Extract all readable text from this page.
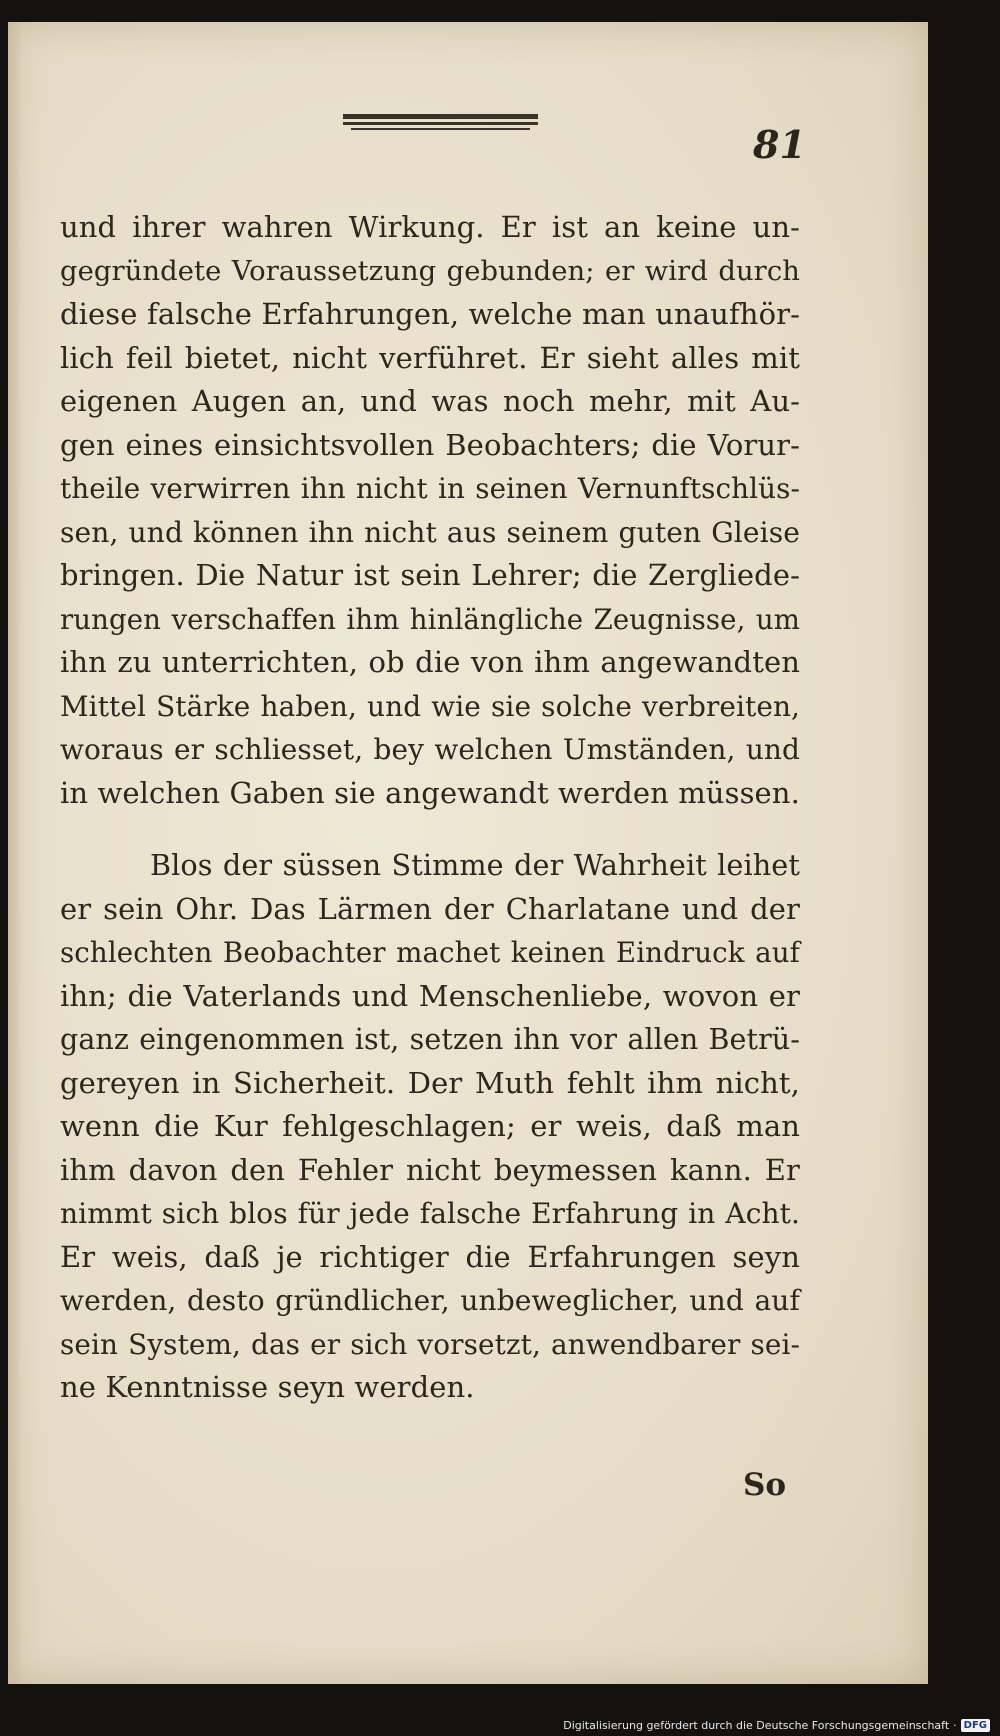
81
und ihrer wahren Wirkung. Er ist an keine un-
gegründete Voraussetzung gebunden; er wird durch
diese falsche Erfahrungen, welche man unaufhör-
lich feil bietet, nicht verführet. Er sieht alles mit
eigenen Augen an, und was noch mehr, mit Au-
gen eines einsichtsvollen Beobachters; die Vorur-
theile verwirren ihn nicht in seinen Vernunftschlüs-
sen, und können ihn nicht aus seinem guten Gleise
bringen. Die Natur ist sein Lehrer; die Zergliede-
rungen verschaffen ihm hinlängliche Zeugnisse, um
ihn zu unterrichten, ob die von ihm angewandten
Mittel Stärke haben, und wie sie solche verbreiten,
woraus er schliesset, bey welchen Umständen, und
in welchen Gaben sie angewandt werden müssen.
Blos der süssen Stimme der Wahrheit leihet
er sein Ohr. Das Lärmen der Charlatane und der
schlechten Beobachter machet keinen Eindruck auf
ihn; die Vaterlands und Menschenliebe, wovon er
ganz eingenommen ist, setzen ihn vor allen Betrü-
gereyen in Sicherheit. Der Muth fehlt ihm nicht,
wenn die Kur fehlgeschlagen; er weis, daß man
ihm davon den Fehler nicht beymessen kann. Er
nimmt sich blos für jede falsche Erfahrung in Acht.
Er weis, daß je richtiger die Erfahrungen seyn
werden, desto gründlicher, unbeweglicher, und auf
sein System, das er sich vorsetzt, anwendbarer sei-
ne Kenntnisse seyn werden.
So
Digitalisierung gefördert durch die Deutsche Forschungsgemeinschaft · DFG
